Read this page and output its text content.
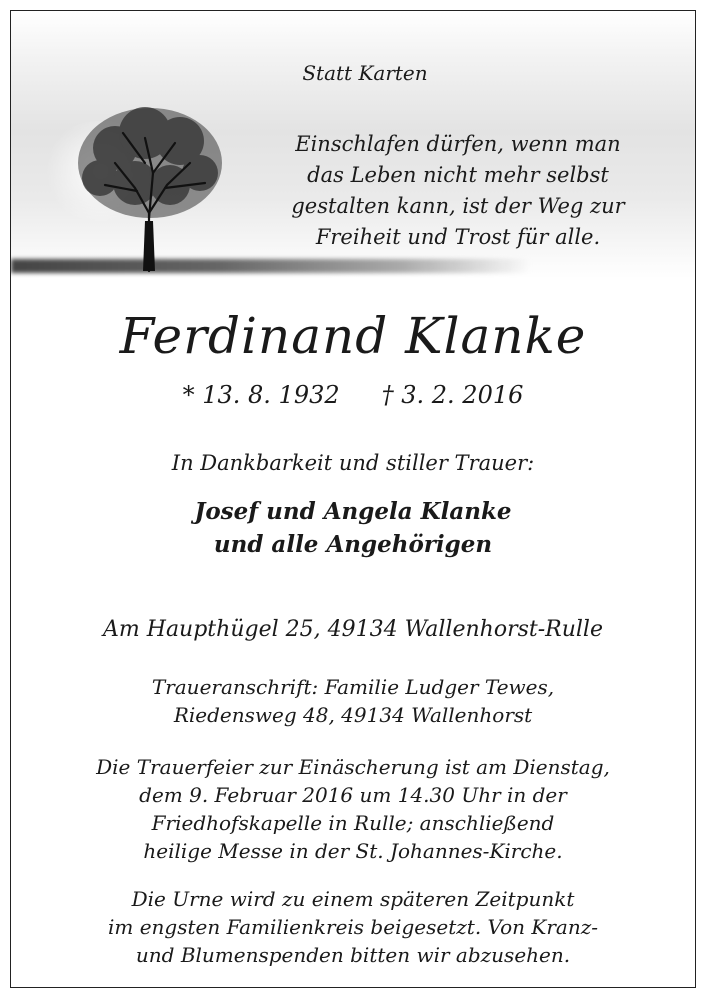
Statt Karten
Einschlafen dürfen, wenn man
das Leben nicht mehr selbst
gestalten kann, ist der Weg zur
Freiheit und Trost für alle.
Ferdinand Klanke
* 13. 8. 1932 † 3. 2. 2016
In Dankbarkeit und stiller Trauer:
Josef und Angela Klanke
und alle Angehörigen
Am Haupthügel 25, 49134 Wallenhorst-Rulle
Traueranschrift: Familie Ludger Tewes,
Riedensweg 48, 49134 Wallenhorst
Die Trauerfeier zur Einäscherung ist am Dienstag,
dem 9. Februar 2016 um 14.30 Uhr in der
Friedhofskapelle in Rulle; anschließend
heilige Messe in der St. Johannes-Kirche.
Die Urne wird zu einem späteren Zeitpunkt
im engsten Familienkreis beigesetzt. Von Kranz-
und Blumenspenden bitten wir abzusehen.
